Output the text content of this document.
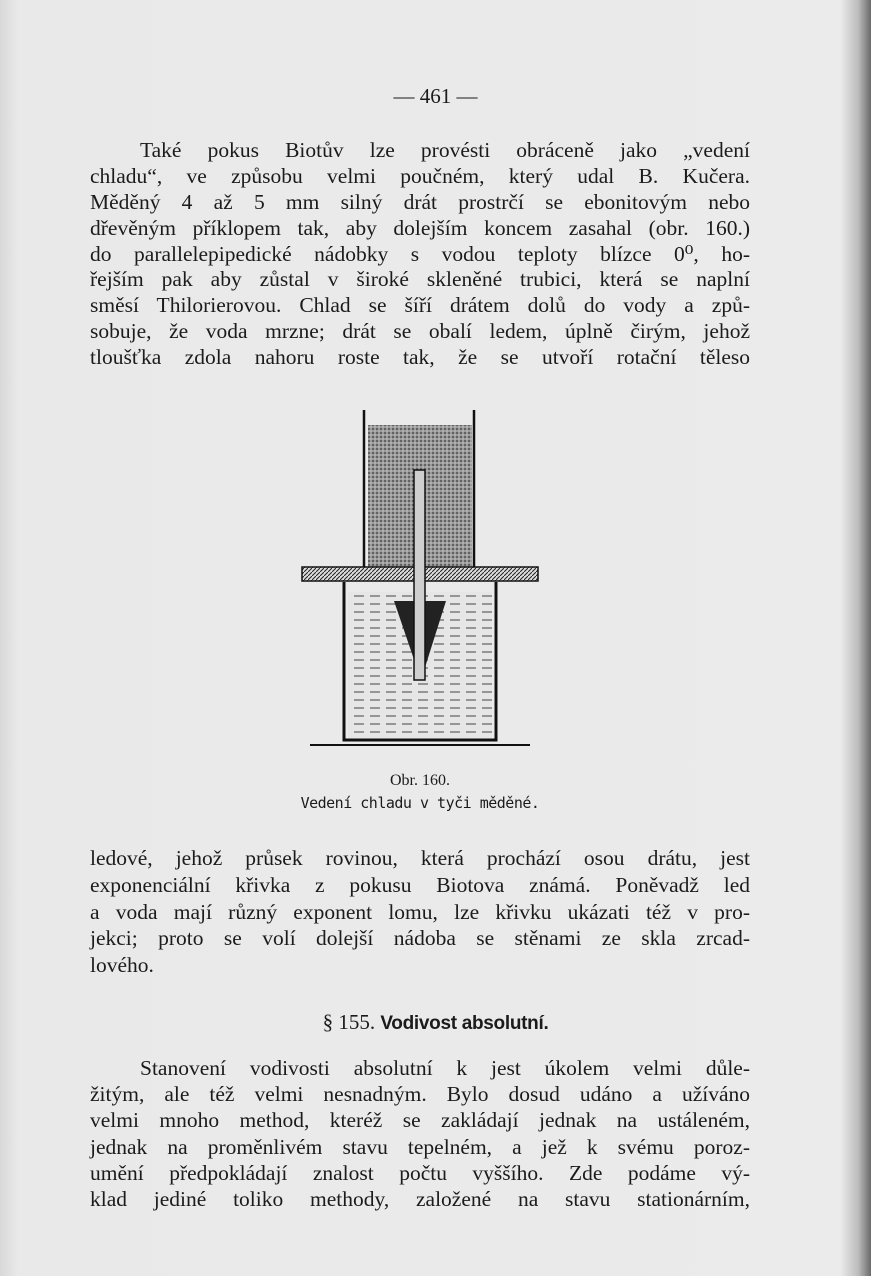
— 461 —
Také pokus Biotův lze provésti obráceně jako „vedení
chladu“, ve způsobu velmi poučném, který udal B. Kučera.
Měděný 4 až 5 mm silný drát prostrčí se ebonitovým nebo
dřevěným příklopem tak, aby dolejším koncem zasahal (obr. 160.)
do parallelepipedické nádobky s vodou teploty blízce 0⁰, ho-
řejším pak aby zůstal v široké skleněné trubici, která se naplní
směsí Thilorierovou. Chlad se šíří drátem dolů do vody a způ-
sobuje, že voda mrzne; drát se obalí ledem, úplně čirým, jehož
tloušťka zdola nahoru roste tak, že se utvoří rotační těleso
Obr. 160.
Vedení chladu v tyči měděné.
ledové, jehož průsek rovinou, která prochází osou drátu, jest
exponenciální křivka z pokusu Biotova známá. Poněvadž led
a voda mají různý exponent lomu, lze křivku ukázati též v pro-
jekci; proto se volí dolejší nádoba se stěnami ze skla zrcad-
lového.
§ 155. Vodivost absolutní.
Stanovení vodivosti absolutní k jest úkolem velmi důle-
žitým, ale též velmi nesnadným. Bylo dosud udáno a užíváno
velmi mnoho method, kteréž se zakládají jednak na ustáleném,
jednak na proměnlivém stavu tepelném, a jež k svému poroz-
umění předpokládají znalost počtu vyššího. Zde podáme vý-
klad jediné toliko methody, založené na stavu stationárním,
